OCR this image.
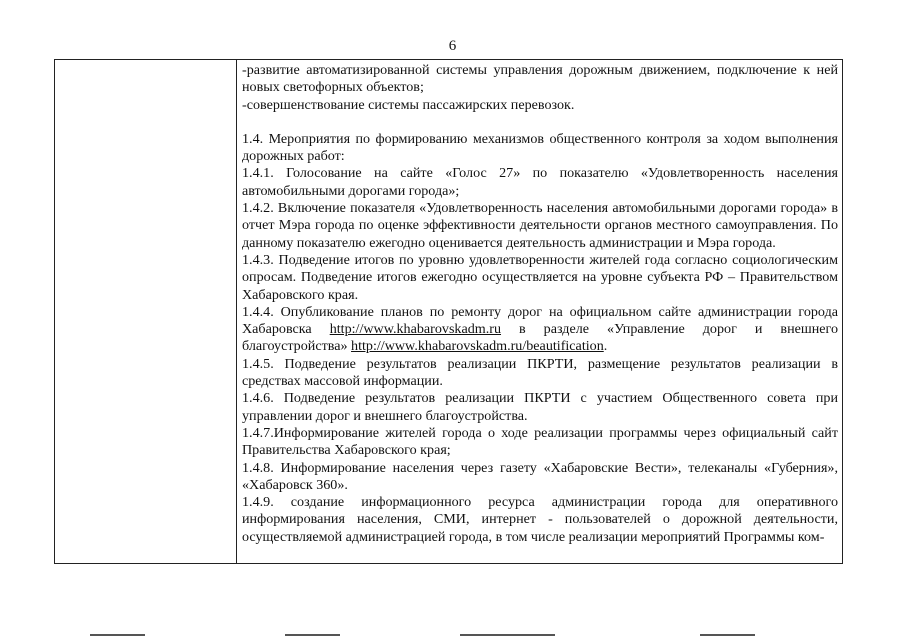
6

-развитие автоматизированной системы управления дорожным движением, подключение к ней новых светофорных объектов;

-совершенствование системы пассажирских перевозок.

1.4. Мероприятия по формированию механизмов общественного контроля за ходом выполнения дорожных работ:

1.4.1. Голосование на сайте «Голос 27» по показателю «Удовлетворенность населения автомобильными дорогами города»;

1.4.2. Включение показателя «Удовлетворенность населения автомобильными дорогами города» в отчет Мэра города по оценке эффективности деятельности органов местного самоуправления. По данному показателю ежегодно оценивается деятельность администрации и Мэра города.

1.4.3. Подведение итогов по уровню удовлетворенности жителей года согласно социологическим опросам. Подведение итогов ежегодно осуществляется на уровне субъекта РФ – Правительством Хабаровского края.

1.4.4. Опубликование планов по ремонту дорог на официальном сайте администрации города Хабаровска http://www.khabarovskadm.ru в разделе «Управление дорог и внешнего благоустройства» http://www.khabarovskadm.ru/beautification.

1.4.5. Подведение результатов реализации ПКРТИ, размещение результатов реализации в средствах массовой информации.

1.4.6. Подведение результатов реализации ПКРТИ с участием Общественного совета при управлении дорог и внешнего благоустройства.

1.4.7.Информирование жителей города о ходе реализации программы через официальный сайт Правительства Хабаровского края;

1.4.8. Информирование населения через газету «Хабаровские Вести», телеканалы «Губерния», «Хабаровск 360».

1.4.9. создание информационного ресурса администрации города для оперативного информирования населения, СМИ, интернет - пользователей о дорожной деятельности, осуществляемой администрацией города, в том числе реализации мероприятий Программы ком-
